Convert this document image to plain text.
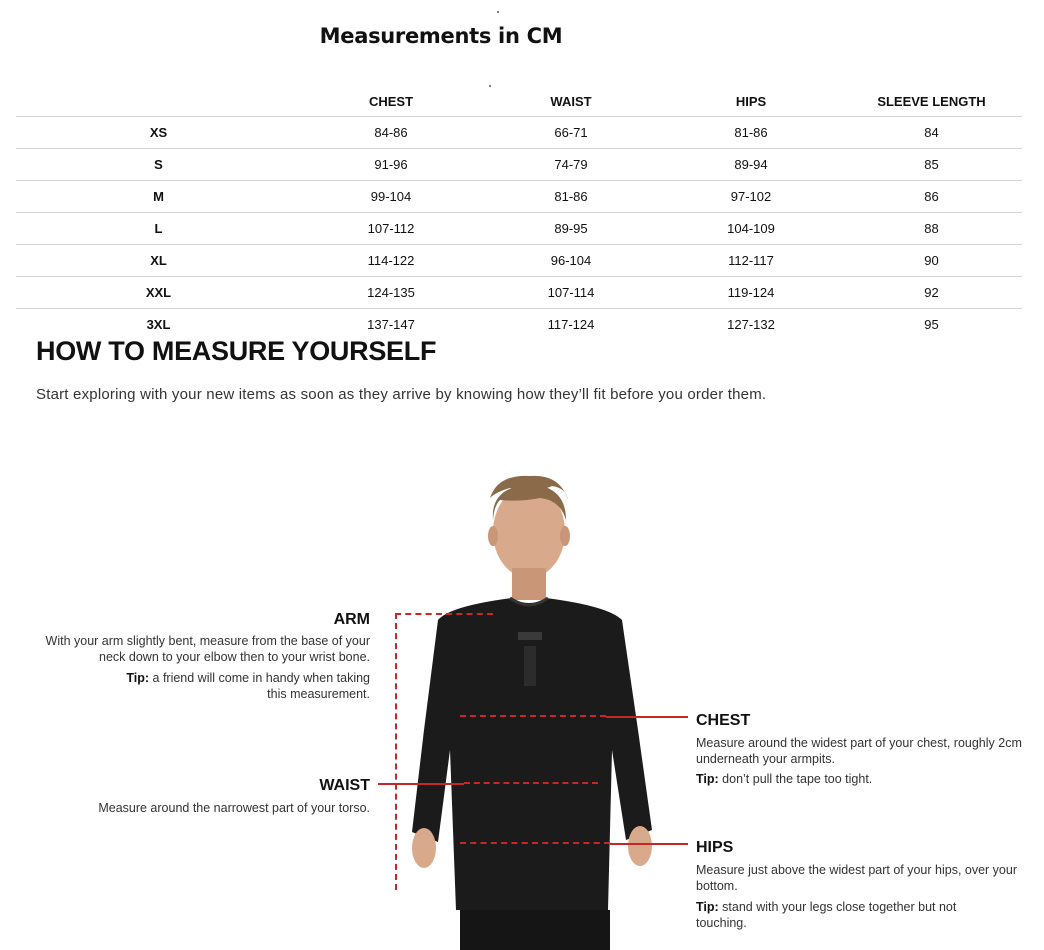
Measurements in CM
	CHEST	WAIST	HIPS	SLEEVE LENGTH
XS	84-86	66-71	81-86	84
S	91-96	74-79	89-94	85
M	99-104	81-86	97-102	86
L	107-112	89-95	104-109	88
XL	114-122	96-104	112-117	90
XXL	124-135	107-114	119-124	92
3XL	137-147	117-124	127-132	95
HOW TO MEASURE YOURSELF
Start exploring with your new items as soon as they arrive by knowing how they’ll fit before you order them.
ARM
With your arm slightly bent, measure from the base of your neck down to your elbow then to your wrist bone.
Tip: a friend will come in handy when taking this measurement.
WAIST
Measure around the narrowest part of your torso.
CHEST
Measure around the widest part of your chest, roughly 2cm underneath your armpits.
Tip: don’t pull the tape too tight.
HIPS
Measure just above the widest part of your hips, over your bottom.
Tip: stand with your legs close together but not touching.
